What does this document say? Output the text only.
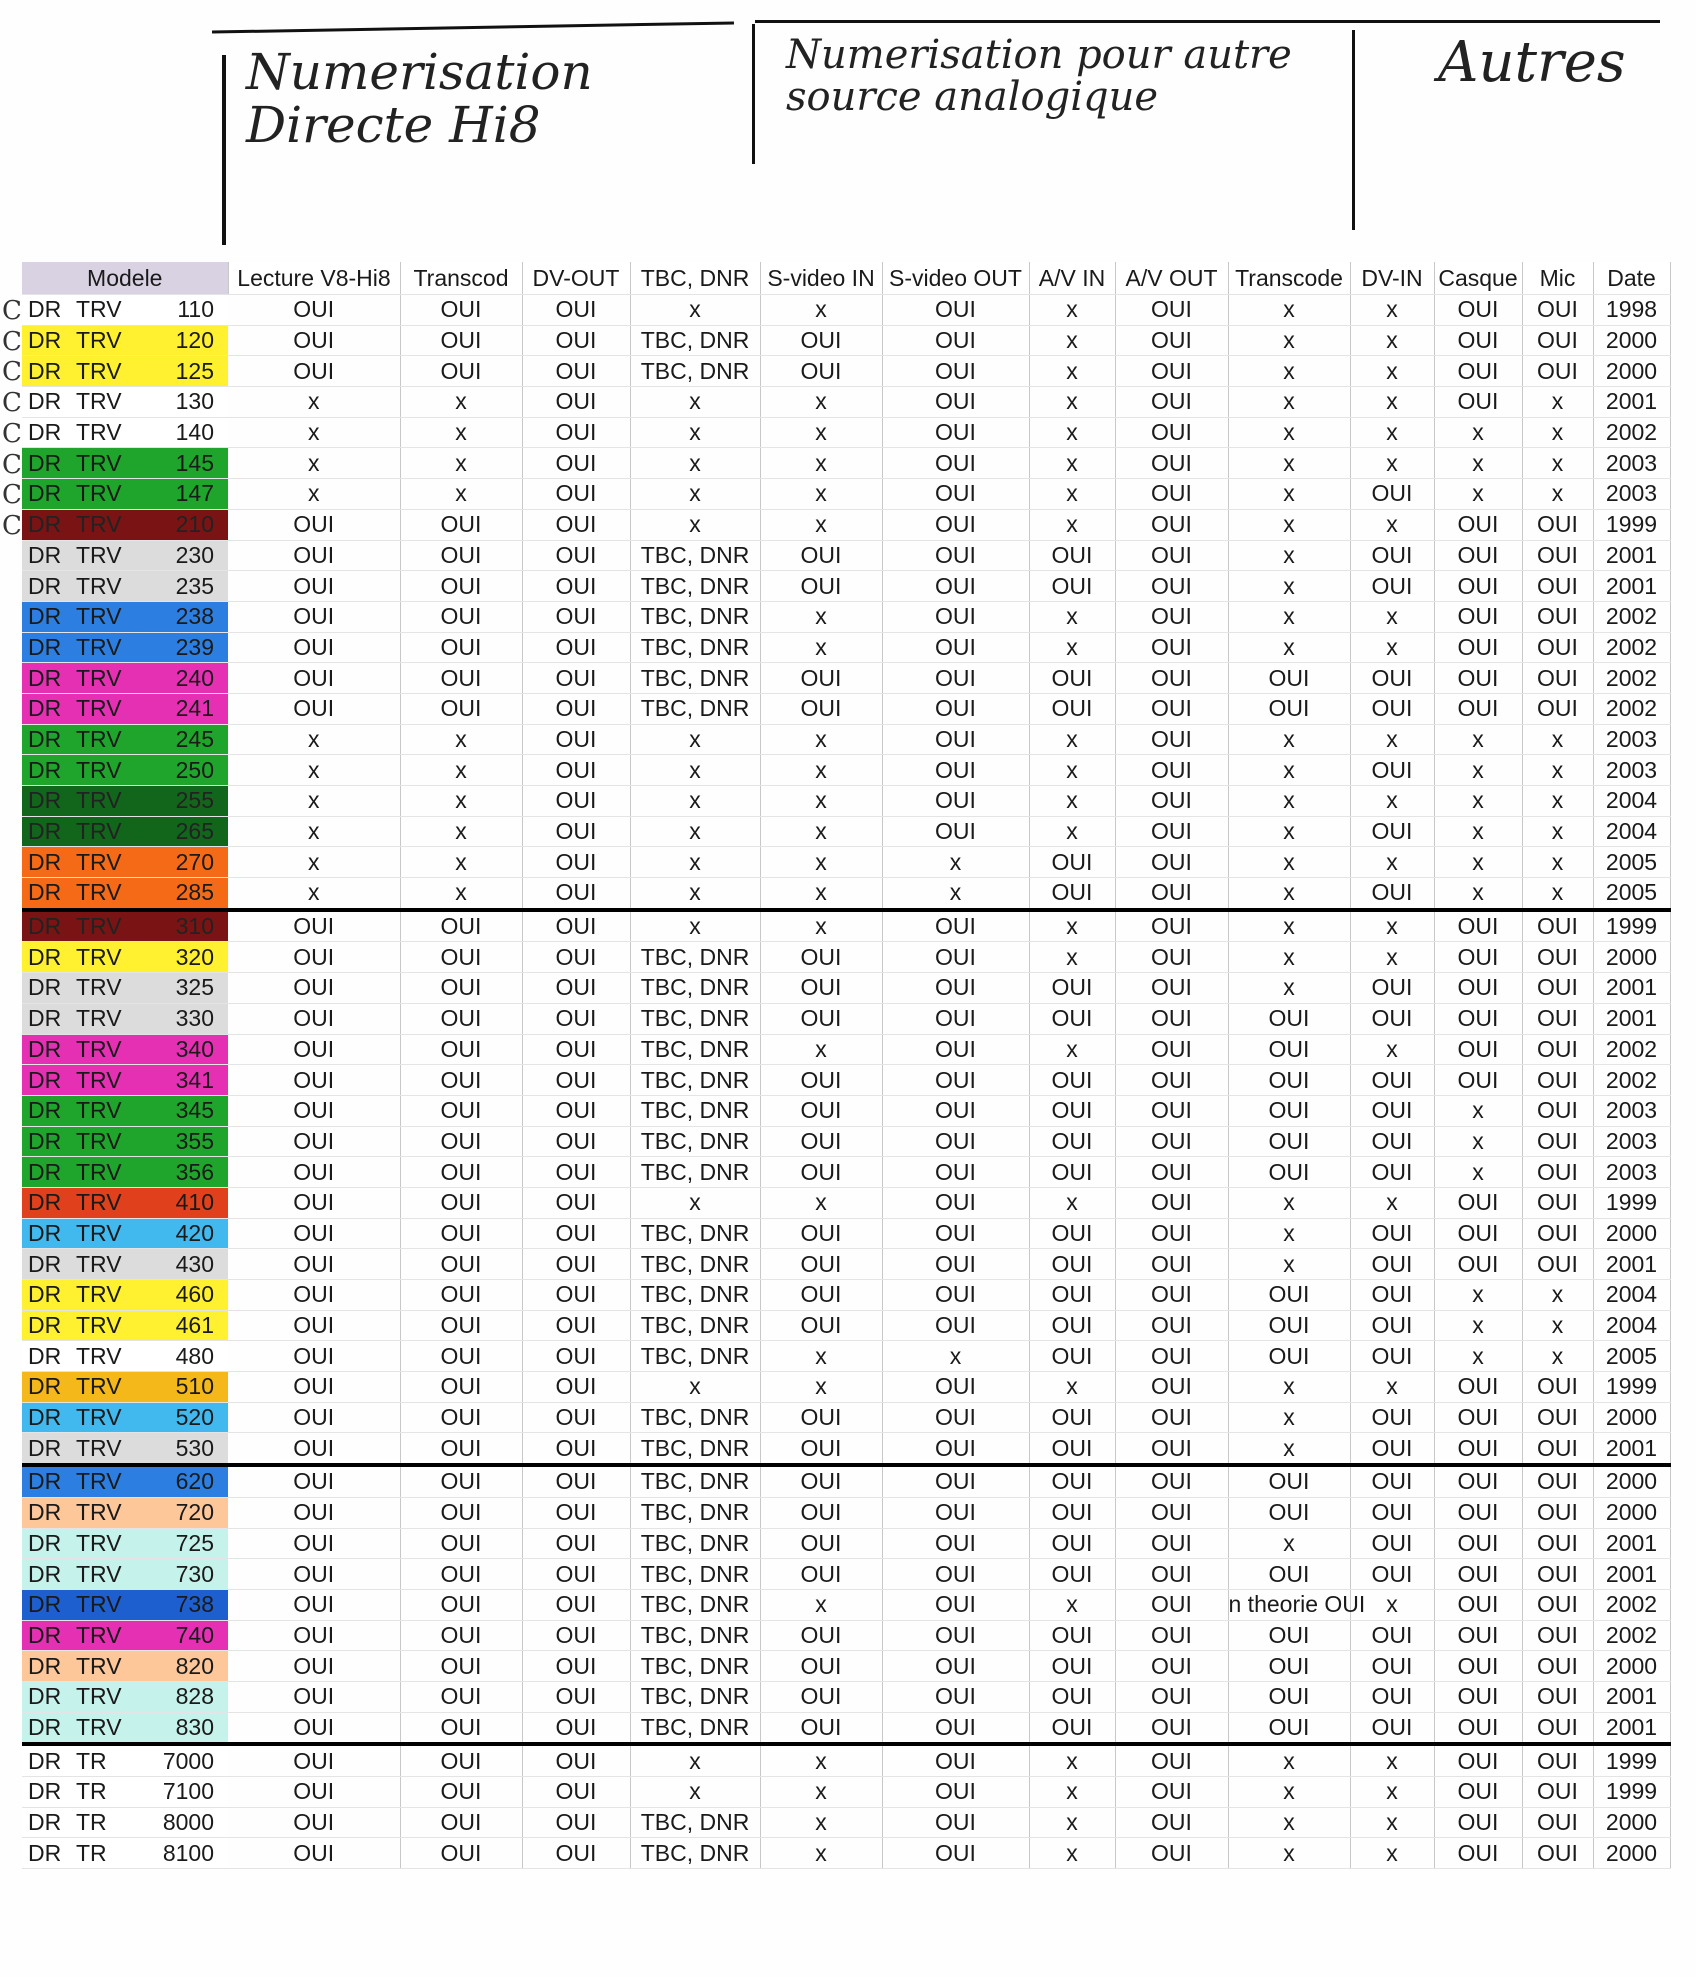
Numerisation Directe Hi8
Numerisation pour autre source analogique
Autres
Modele			Lecture V8-Hi8	Transcod	DV-OUT	TBC, DNR	S-video IN	S-video OUT	A/V IN	A/V OUT	Transcode	DV-IN	Casque	Mic	Date
DR	TRV	110	OUI	OUI	OUI	x	x	OUI	x	OUI	x	x	OUI	OUI	1998
DR	TRV	120	OUI	OUI	OUI	TBC, DNR	OUI	OUI	x	OUI	x	x	OUI	OUI	2000
DR	TRV	125	OUI	OUI	OUI	TBC, DNR	OUI	OUI	x	OUI	x	x	OUI	OUI	2000
DR	TRV	130	x	x	OUI	x	x	OUI	x	OUI	x	x	OUI	x	2001
DR	TRV	140	x	x	OUI	x	x	OUI	x	OUI	x	x	x	x	2002
DR	TRV	145	x	x	OUI	x	x	OUI	x	OUI	x	x	x	x	2003
DR	TRV	147	x	x	OUI	x	x	OUI	x	OUI	x	OUI	x	x	2003
DR	TRV	210	OUI	OUI	OUI	x	x	OUI	x	OUI	x	x	OUI	OUI	1999
DR	TRV	230	OUI	OUI	OUI	TBC, DNR	OUI	OUI	OUI	OUI	x	OUI	OUI	OUI	2001
DR	TRV	235	OUI	OUI	OUI	TBC, DNR	OUI	OUI	OUI	OUI	x	OUI	OUI	OUI	2001
DR	TRV	238	OUI	OUI	OUI	TBC, DNR	x	OUI	x	OUI	x	x	OUI	OUI	2002
DR	TRV	239	OUI	OUI	OUI	TBC, DNR	x	OUI	x	OUI	x	x	OUI	OUI	2002
DR	TRV	240	OUI	OUI	OUI	TBC, DNR	OUI	OUI	OUI	OUI	OUI	OUI	OUI	OUI	2002
DR	TRV	241	OUI	OUI	OUI	TBC, DNR	OUI	OUI	OUI	OUI	OUI	OUI	OUI	OUI	2002
DR	TRV	245	x	x	OUI	x	x	OUI	x	OUI	x	x	x	x	2003
DR	TRV	250	x	x	OUI	x	x	OUI	x	OUI	x	OUI	x	x	2003
DR	TRV	255	x	x	OUI	x	x	OUI	x	OUI	x	x	x	x	2004
DR	TRV	265	x	x	OUI	x	x	OUI	x	OUI	x	OUI	x	x	2004
DR	TRV	270	x	x	OUI	x	x	x	OUI	OUI	x	x	x	x	2005
DR	TRV	285	x	x	OUI	x	x	x	OUI	OUI	x	OUI	x	x	2005
DR	TRV	310	OUI	OUI	OUI	x	x	OUI	x	OUI	x	x	OUI	OUI	1999
DR	TRV	320	OUI	OUI	OUI	TBC, DNR	OUI	OUI	x	OUI	x	x	OUI	OUI	2000
DR	TRV	325	OUI	OUI	OUI	TBC, DNR	OUI	OUI	OUI	OUI	x	OUI	OUI	OUI	2001
DR	TRV	330	OUI	OUI	OUI	TBC, DNR	OUI	OUI	OUI	OUI	OUI	OUI	OUI	OUI	2001
DR	TRV	340	OUI	OUI	OUI	TBC, DNR	x	OUI	x	OUI	OUI	x	OUI	OUI	2002
DR	TRV	341	OUI	OUI	OUI	TBC, DNR	OUI	OUI	OUI	OUI	OUI	OUI	OUI	OUI	2002
DR	TRV	345	OUI	OUI	OUI	TBC, DNR	OUI	OUI	OUI	OUI	OUI	OUI	x	OUI	2003
DR	TRV	355	OUI	OUI	OUI	TBC, DNR	OUI	OUI	OUI	OUI	OUI	OUI	x	OUI	2003
DR	TRV	356	OUI	OUI	OUI	TBC, DNR	OUI	OUI	OUI	OUI	OUI	OUI	x	OUI	2003
DR	TRV	410	OUI	OUI	OUI	x	x	OUI	x	OUI	x	x	OUI	OUI	1999
DR	TRV	420	OUI	OUI	OUI	TBC, DNR	OUI	OUI	OUI	OUI	x	OUI	OUI	OUI	2000
DR	TRV	430	OUI	OUI	OUI	TBC, DNR	OUI	OUI	OUI	OUI	x	OUI	OUI	OUI	2001
DR	TRV	460	OUI	OUI	OUI	TBC, DNR	OUI	OUI	OUI	OUI	OUI	OUI	x	x	2004
DR	TRV	461	OUI	OUI	OUI	TBC, DNR	OUI	OUI	OUI	OUI	OUI	OUI	x	x	2004
DR	TRV	480	OUI	OUI	OUI	TBC, DNR	x	x	OUI	OUI	OUI	OUI	x	x	2005
DR	TRV	510	OUI	OUI	OUI	x	x	OUI	x	OUI	x	x	OUI	OUI	1999
DR	TRV	520	OUI	OUI	OUI	TBC, DNR	OUI	OUI	OUI	OUI	x	OUI	OUI	OUI	2000
DR	TRV	530	OUI	OUI	OUI	TBC, DNR	OUI	OUI	OUI	OUI	x	OUI	OUI	OUI	2001
DR	TRV	620	OUI	OUI	OUI	TBC, DNR	OUI	OUI	OUI	OUI	OUI	OUI	OUI	OUI	2000
DR	TRV	720	OUI	OUI	OUI	TBC, DNR	OUI	OUI	OUI	OUI	OUI	OUI	OUI	OUI	2000
DR	TRV	725	OUI	OUI	OUI	TBC, DNR	OUI	OUI	OUI	OUI	x	OUI	OUI	OUI	2001
DR	TRV	730	OUI	OUI	OUI	TBC, DNR	OUI	OUI	OUI	OUI	OUI	OUI	OUI	OUI	2001
DR	TRV	738	OUI	OUI	OUI	TBC, DNR	x	OUI	x	OUI	n theorie OUI	x	OUI	OUI	2002
DR	TRV	740	OUI	OUI	OUI	TBC, DNR	OUI	OUI	OUI	OUI	OUI	OUI	OUI	OUI	2002
DR	TRV	820	OUI	OUI	OUI	TBC, DNR	OUI	OUI	OUI	OUI	OUI	OUI	OUI	OUI	2000
DR	TRV	828	OUI	OUI	OUI	TBC, DNR	OUI	OUI	OUI	OUI	OUI	OUI	OUI	OUI	2001
DR	TRV	830	OUI	OUI	OUI	TBC, DNR	OUI	OUI	OUI	OUI	OUI	OUI	OUI	OUI	2001
DR	TR	7000	OUI	OUI	OUI	x	x	OUI	x	OUI	x	x	OUI	OUI	1999
DR	TR	7100	OUI	OUI	OUI	x	x	OUI	x	OUI	x	x	OUI	OUI	1999
DR	TR	8000	OUI	OUI	OUI	TBC, DNR	x	OUI	x	OUI	x	x	OUI	OUI	2000
DR	TR	8100	OUI	OUI	OUI	TBC, DNR	x	OUI	x	OUI	x	x	OUI	OUI	2000
C
C
C
C
C
C
C
C
